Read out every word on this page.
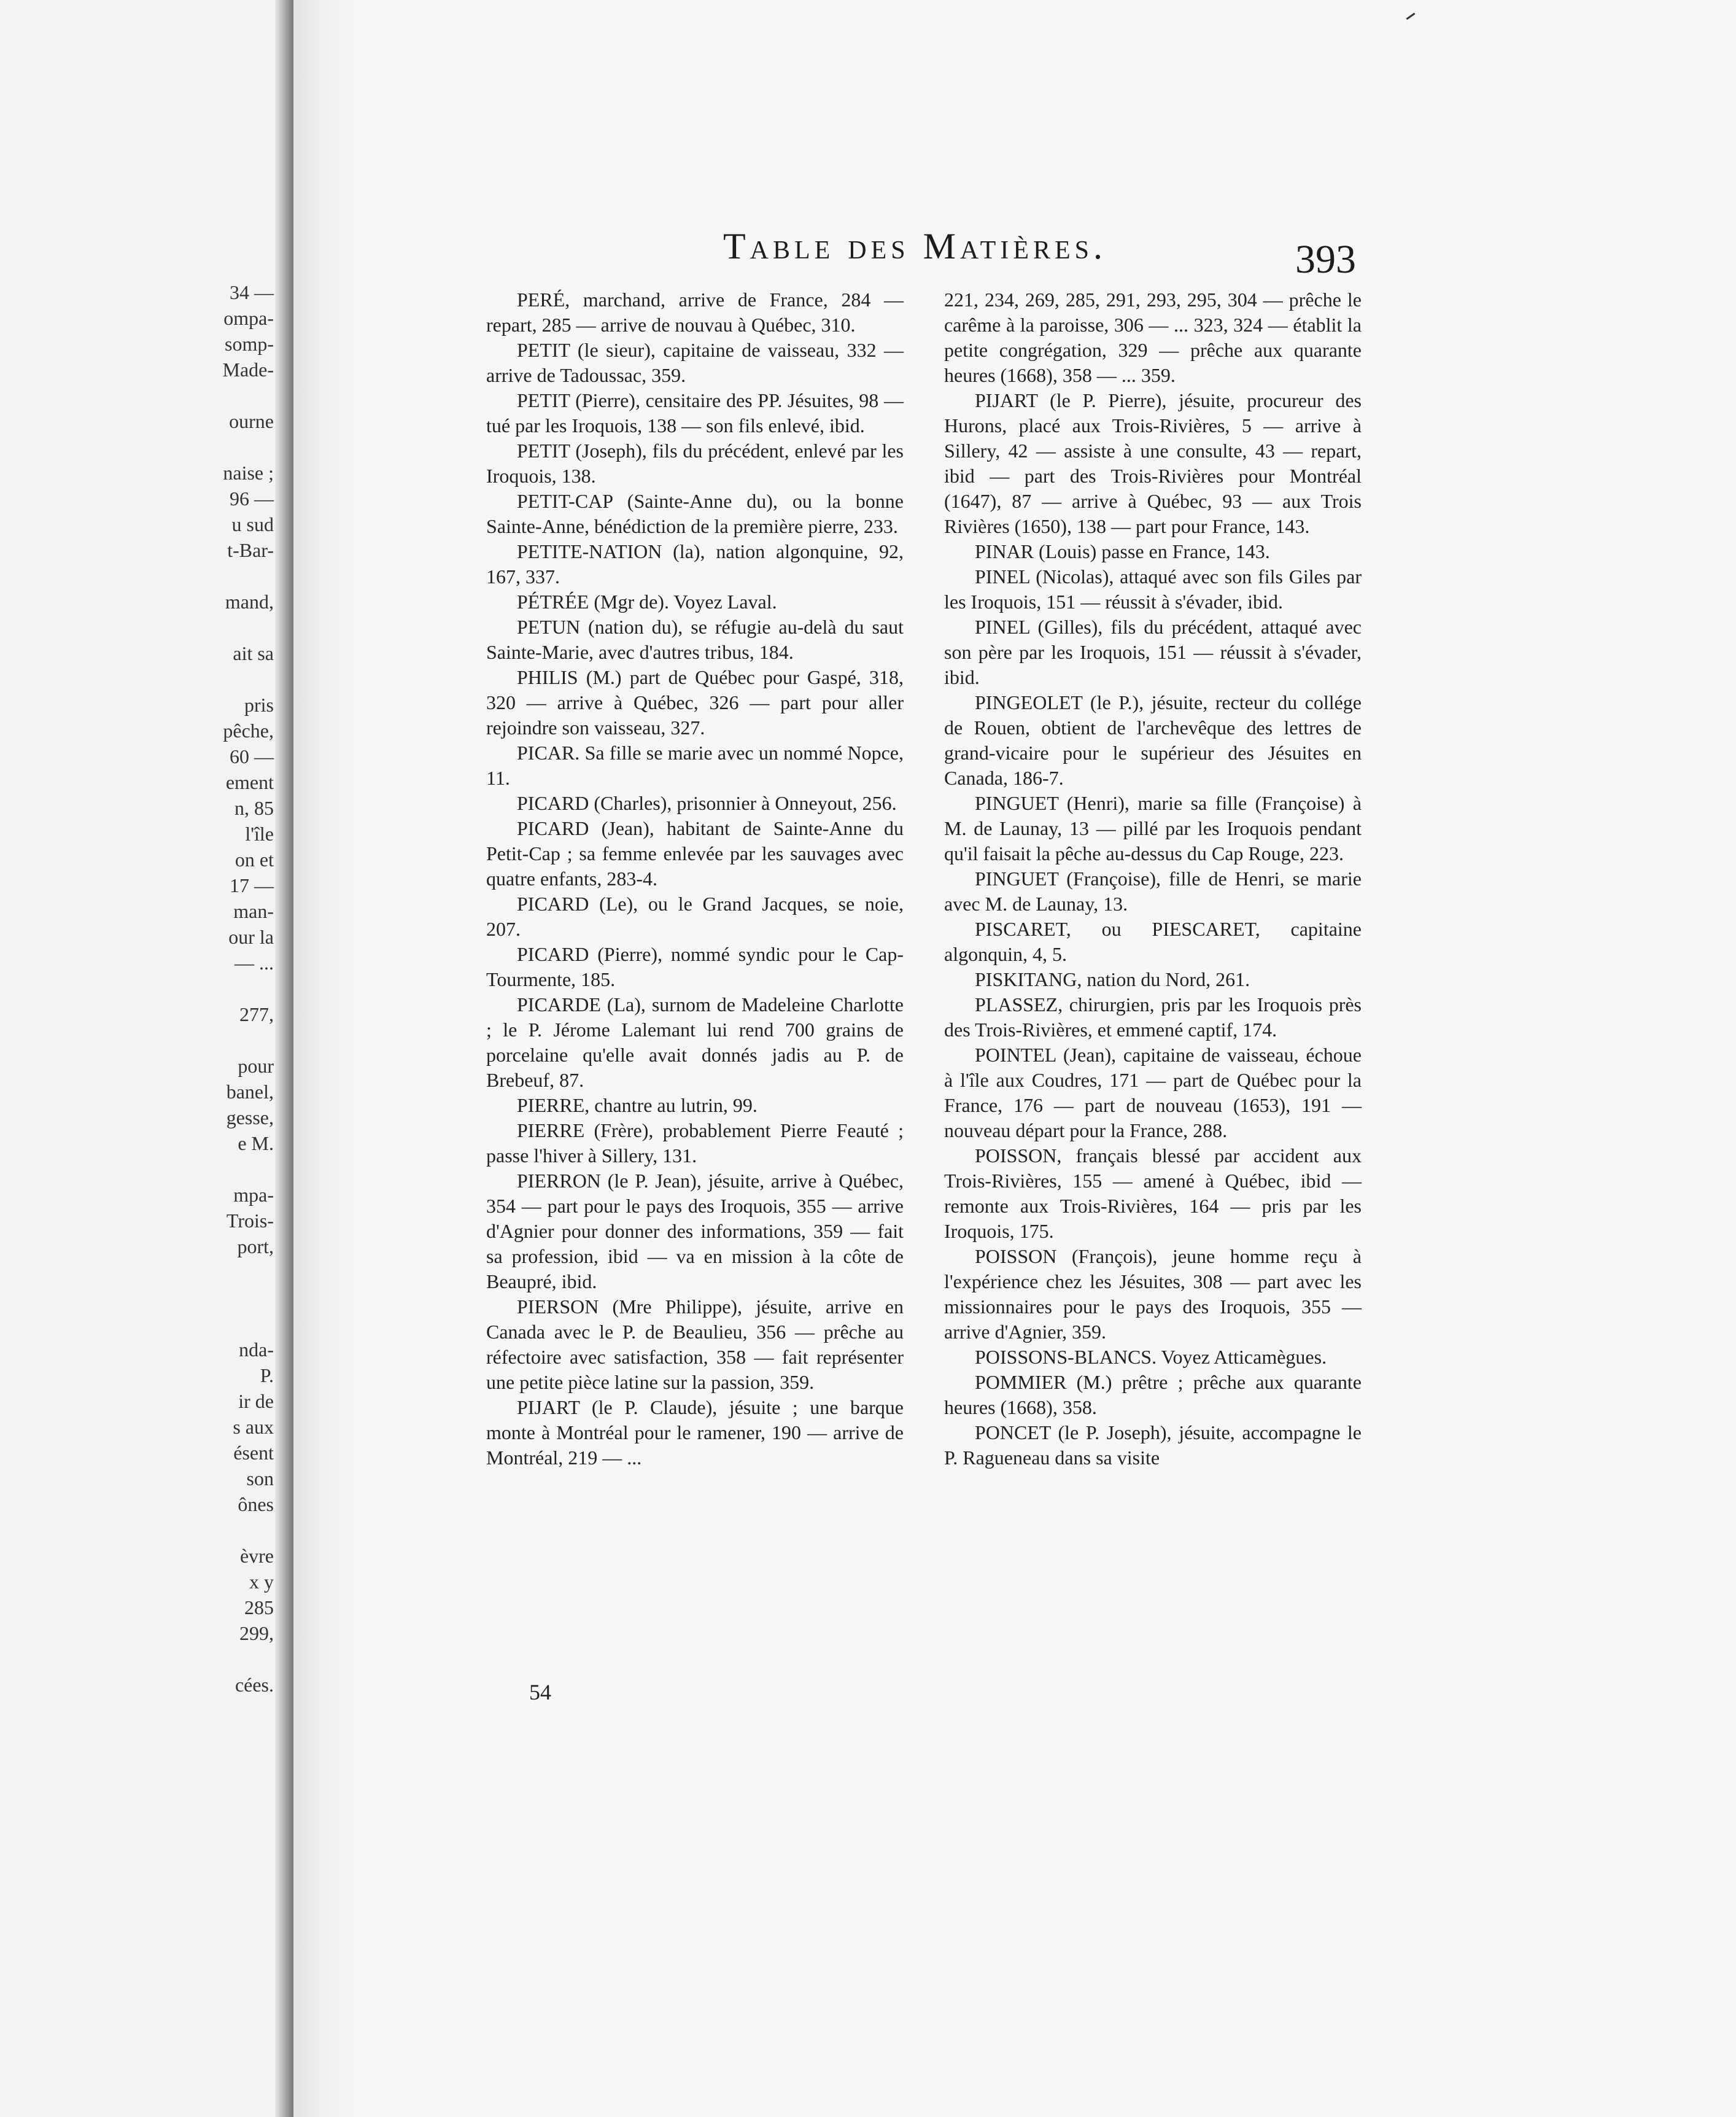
34 —
ompa-
somp-
Made-
ourne
naise ;
96 —
u sud
t-Bar-
mand,
ait sa
pris
pêche,
60 —
ement
n, 85
l'île
on et
17 —
man-
our la
— ...
277,
pour
banel,
gesse,
e M.
mpa-
Trois-
port,
nda-
P.
ir de
s aux
ésent
son
ônes
èvre
x y
285
299,
cées.
Table des Matières.	393

PERÉ, marchand, arrive de France, 284 — repart, 285 — arrive de nouvau à Québec, 310.

PETIT (le sieur), capitaine de vaisseau, 332 — arrive de Tadoussac, 359.

PETIT (Pierre), censitaire des PP. Jésuites, 98 — tué par les Iroquois, 138 — son fils enlevé, ibid.

PETIT (Joseph), fils du précédent, enlevé par les Iroquois, 138.

PETIT-CAP (Sainte-Anne du), ou la bonne Sainte-Anne, bénédiction de la première pierre, 233.

PETITE-NATION (la), nation algonquine, 92, 167, 337.

PÉTRÉE (Mgr de). Voyez Laval.

PETUN (nation du), se réfugie au-delà du saut Sainte-Marie, avec d'autres tribus, 184.

PHILIS (M.) part de Québec pour Gaspé, 318, 320 — arrive à Québec, 326 — part pour aller rejoindre son vaisseau, 327.

PICAR. Sa fille se marie avec un nommé Nopce, 11.

PICARD (Charles), prisonnier à Onneyout, 256.

PICARD (Jean), habitant de Sainte-Anne du Petit-Cap ; sa femme enlevée par les sauvages avec quatre enfants, 283-4.

PICARD (Le), ou le Grand Jacques, se noie, 207.

PICARD (Pierre), nommé syndic pour le Cap-Tourmente, 185.

PICARDE (La), surnom de Madeleine Charlotte ; le P. Jérome Lalemant lui rend 700 grains de porcelaine qu'elle avait donnés jadis au P. de Brebeuf, 87.

PIERRE, chantre au lutrin, 99.

PIERRE (Frère), probablement Pierre Feauté ; passe l'hiver à Sillery, 131.

PIERRON (le P. Jean), jésuite, arrive à Québec, 354 — part pour le pays des Iroquois, 355 — arrive d'Agnier pour donner des informations, 359 — fait sa profession, ibid — va en mission à la côte de Beaupré, ibid.

PIERSON (Mre Philippe), jésuite, arrive en Canada avec le P. de Beaulieu, 356 — prêche au réfectoire avec satisfaction, 358 — fait représenter une petite pièce latine sur la passion, 359.

PIJART (le P. Claude), jésuite ; une barque monte à Montréal pour le ramener, 190 — arrive de Montréal, 219 — ...

221, 234, 269, 285, 291, 293, 295, 304 — prêche le carême à la paroisse, 306 — ... 323, 324 — établit la petite congrégation, 329 — prêche aux quarante heures (1668), 358 — ... 359.

PIJART (le P. Pierre), jésuite, procureur des Hurons, placé aux Trois-Rivières, 5 — arrive à Sillery, 42 — assiste à une consulte, 43 — repart, ibid — part des Trois-Rivières pour Montréal (1647), 87 — arrive à Québec, 93 — aux Trois Rivières (1650), 138 — part pour France, 143.

PINAR (Louis) passe en France, 143.

PINEL (Nicolas), attaqué avec son fils Giles par les Iroquois, 151 — réussit à s'évader, ibid.

PINEL (Gilles), fils du précédent, attaqué avec son père par les Iroquois, 151 — réussit à s'évader, ibid.

PINGEOLET (le P.), jésuite, recteur du collége de Rouen, obtient de l'archevêque des lettres de grand-vicaire pour le supérieur des Jésuites en Canada, 186-7.

PINGUET (Henri), marie sa fille (Françoise) à M. de Launay, 13 — pillé par les Iroquois pendant qu'il faisait la pêche au-dessus du Cap Rouge, 223.

PINGUET (Françoise), fille de Henri, se marie avec M. de Launay, 13.

PISCARET, ou PIESCARET, capitaine algonquin, 4, 5.

PISKITANG, nation du Nord, 261.

PLASSEZ, chirurgien, pris par les Iroquois près des Trois-Rivières, et emmené captif, 174.

POINTEL (Jean), capitaine de vaisseau, échoue à l'île aux Coudres, 171 — part de Québec pour la France, 176 — part de nouveau (1653), 191 — nouveau départ pour la France, 288.

POISSON, français blessé par accident aux Trois-Rivières, 155 — amené à Québec, ibid — remonte aux Trois-Rivières, 164 — pris par les Iroquois, 175.

POISSON (François), jeune homme reçu à l'expérience chez les Jésuites, 308 — part avec les missionnaires pour le pays des Iroquois, 355 — arrive d'Agnier, 359.

POISSONS-BLANCS. Voyez Atticamègues.

POMMIER (M.) prêtre ; prêche aux quarante heures (1668), 358.

PONCET (le P. Joseph), jésuite, accompagne le P. Ragueneau dans sa visite

54
